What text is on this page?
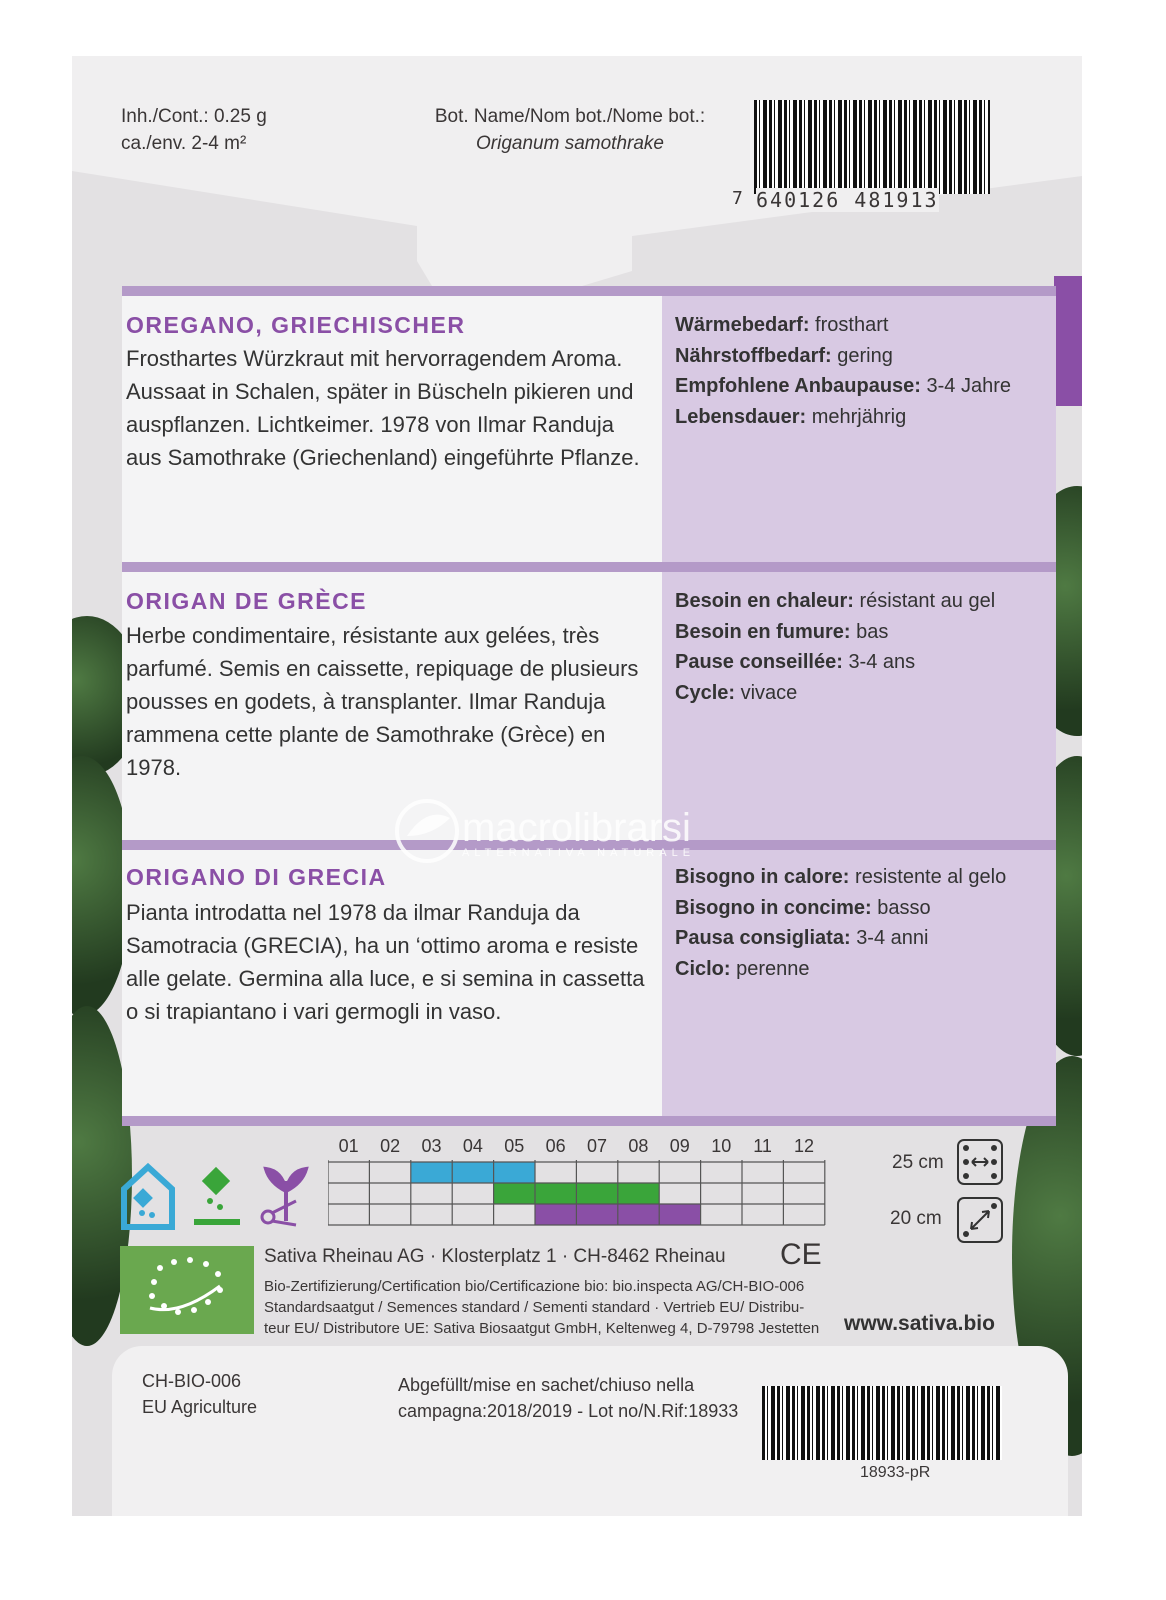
Inh./Cont.: 0.25 g
ca./env. 2-4 m²
Bot. Name/Nom bot./Nome bot.:
Origanum samothrake
7 640126 481913
OREGANO, GRIECHISCHER

Frosthartes Würzkraut mit hervorragendem Aroma. Aussaat in Schalen, später in Büscheln pikieren und auspflanzen. Lichtkeimer. 1978 von Ilmar Randuja aus Samothrake (Griechenland) eingeführte Pflanze.

Wärmebedarf: frosthart
Nährstoffbedarf: gering
Empfohlene Anbaupause: 3-4 Jahre
Lebensdauer: mehrjährig
ORIGAN DE GRÈCE

Herbe condimentaire, résistante aux gelées, très parfumé. Semis en caissette, repiquage de plusieurs pousses en godets, à transplanter. Ilmar Randuja rammena cette plante de Samothrake (Grèce) en 1978.

Besoin en chaleur: résistant au gel
Besoin en fumure: bas
Pause conseillée: 3-4 ans
Cycle: vivace
ORIGANO DI GRECIA

Pianta introdatta nel 1978 da ilmar Randuja da Samotracia (GRECIA), ha un ‘ottimo aroma e resiste alle gelate. Germina alla luce, e si semina in cassetta o si trapiantano i vari germogli in vaso.

Bisogno in calore: resistente al gelo
Bisogno in concime: basso
Pausa consigliata: 3-4 anni
Ciclo: perenne
macrolibrarsi
ALTERNATIVA NATURALE
01 02 03 04 05 06 07 08 09 10 11 12
25 cm
20 cm
Sativa Rheinau AG · Klosterplatz 1 · CH-8462 Rheinau CE
Bio-Zertifizierung/Certification bio/Certificazione bio: bio.inspecta AG/CH-BIO-006
Standardsaatgut / Semences standard / Sementi standard · Vertrieb EU/ Distribu-
teur EU/ Distributore UE: Sativa Biosaatgut GmbH, Keltenweg 4, D-79798 Jestetten	www.sativa.bio
CH-BIO-006
EU Agriculture
Abgefüllt/mise en sachet/chiuso nella
campagna:2018/2019 - Lot no/N.Rif:18933
18933-pR
